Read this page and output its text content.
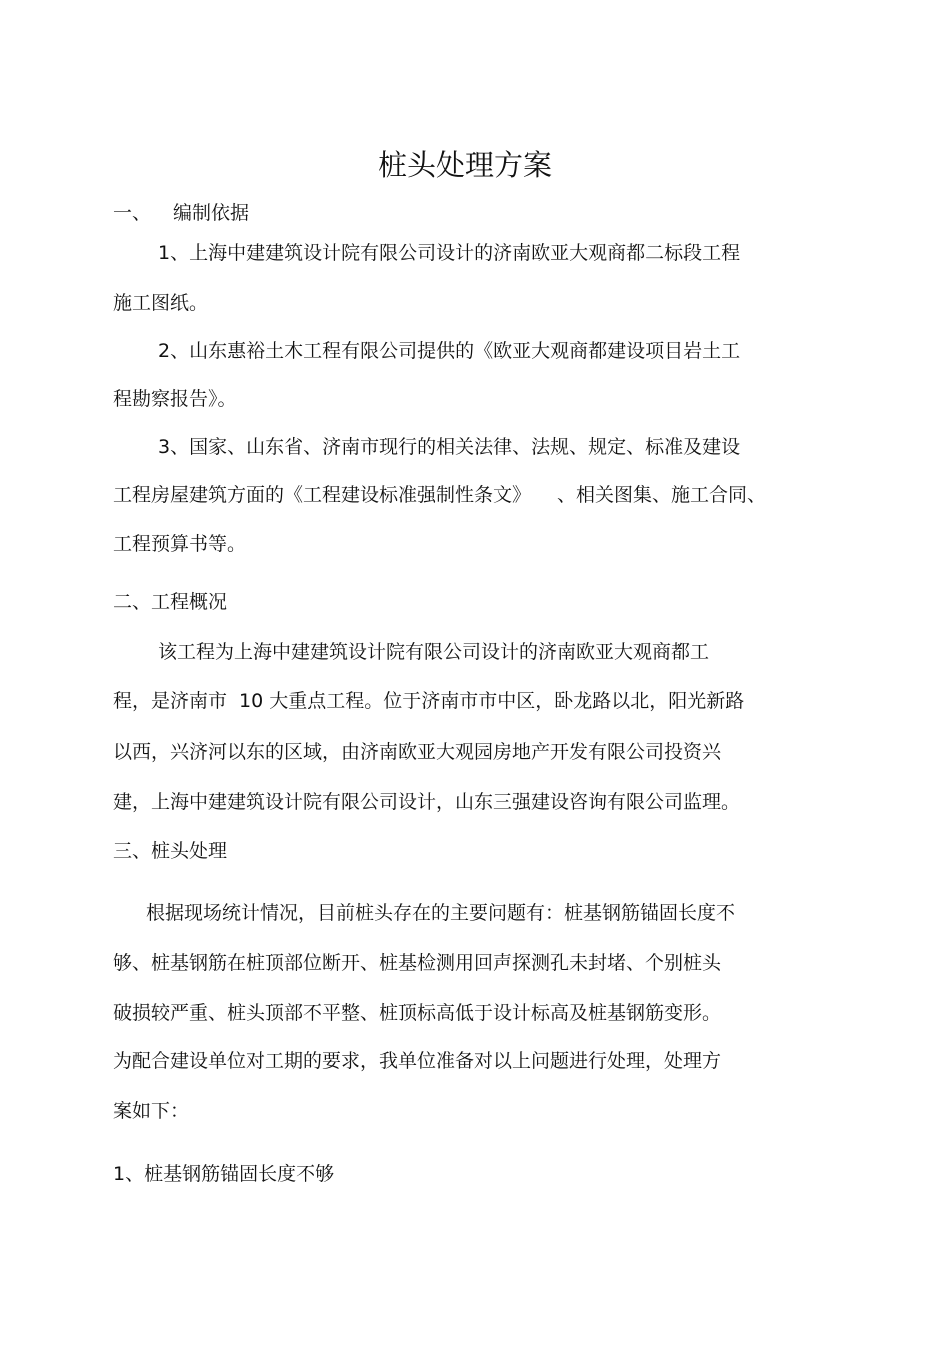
桩头处理方案

一、 编制依据

1、上海中建建筑设计院有限公司设计的济南欧亚大观商都二标段工程

施工图纸。

2、山东惠裕土木工程有限公司提供的《欧亚大观商都建设项目岩土工

程勘察报告》。

3、国家、山东省、济南市现行的相关法律、法规、规定、标准及建设

工程房屋建筑方面的《工程建设标准强制性条文》 、相关图集、施工合同、

工程预算书等。

二、工程概况

该工程为上海中建建筑设计院有限公司设计的济南欧亚大观商都工

程，是济南市 10 大重点工程。位于济南市市中区，卧龙路以北，阳光新路

以西，兴济河以东的区域，由济南欧亚大观园房地产开发有限公司投资兴

建，上海中建建筑设计院有限公司设计，山东三强建设咨询有限公司监理。

三、桩头处理

根据现场统计情况，目前桩头存在的主要问题有：桩基钢筋锚固长度不

够、桩基钢筋在桩顶部位断开、桩基检测用回声探测孔未封堵、个别桩头

破损较严重、桩头顶部不平整、桩顶标高低于设计标高及桩基钢筋变形。

为配合建设单位对工期的要求，我单位准备对以上问题进行处理，处理方

案如下：

1、桩基钢筋锚固长度不够
